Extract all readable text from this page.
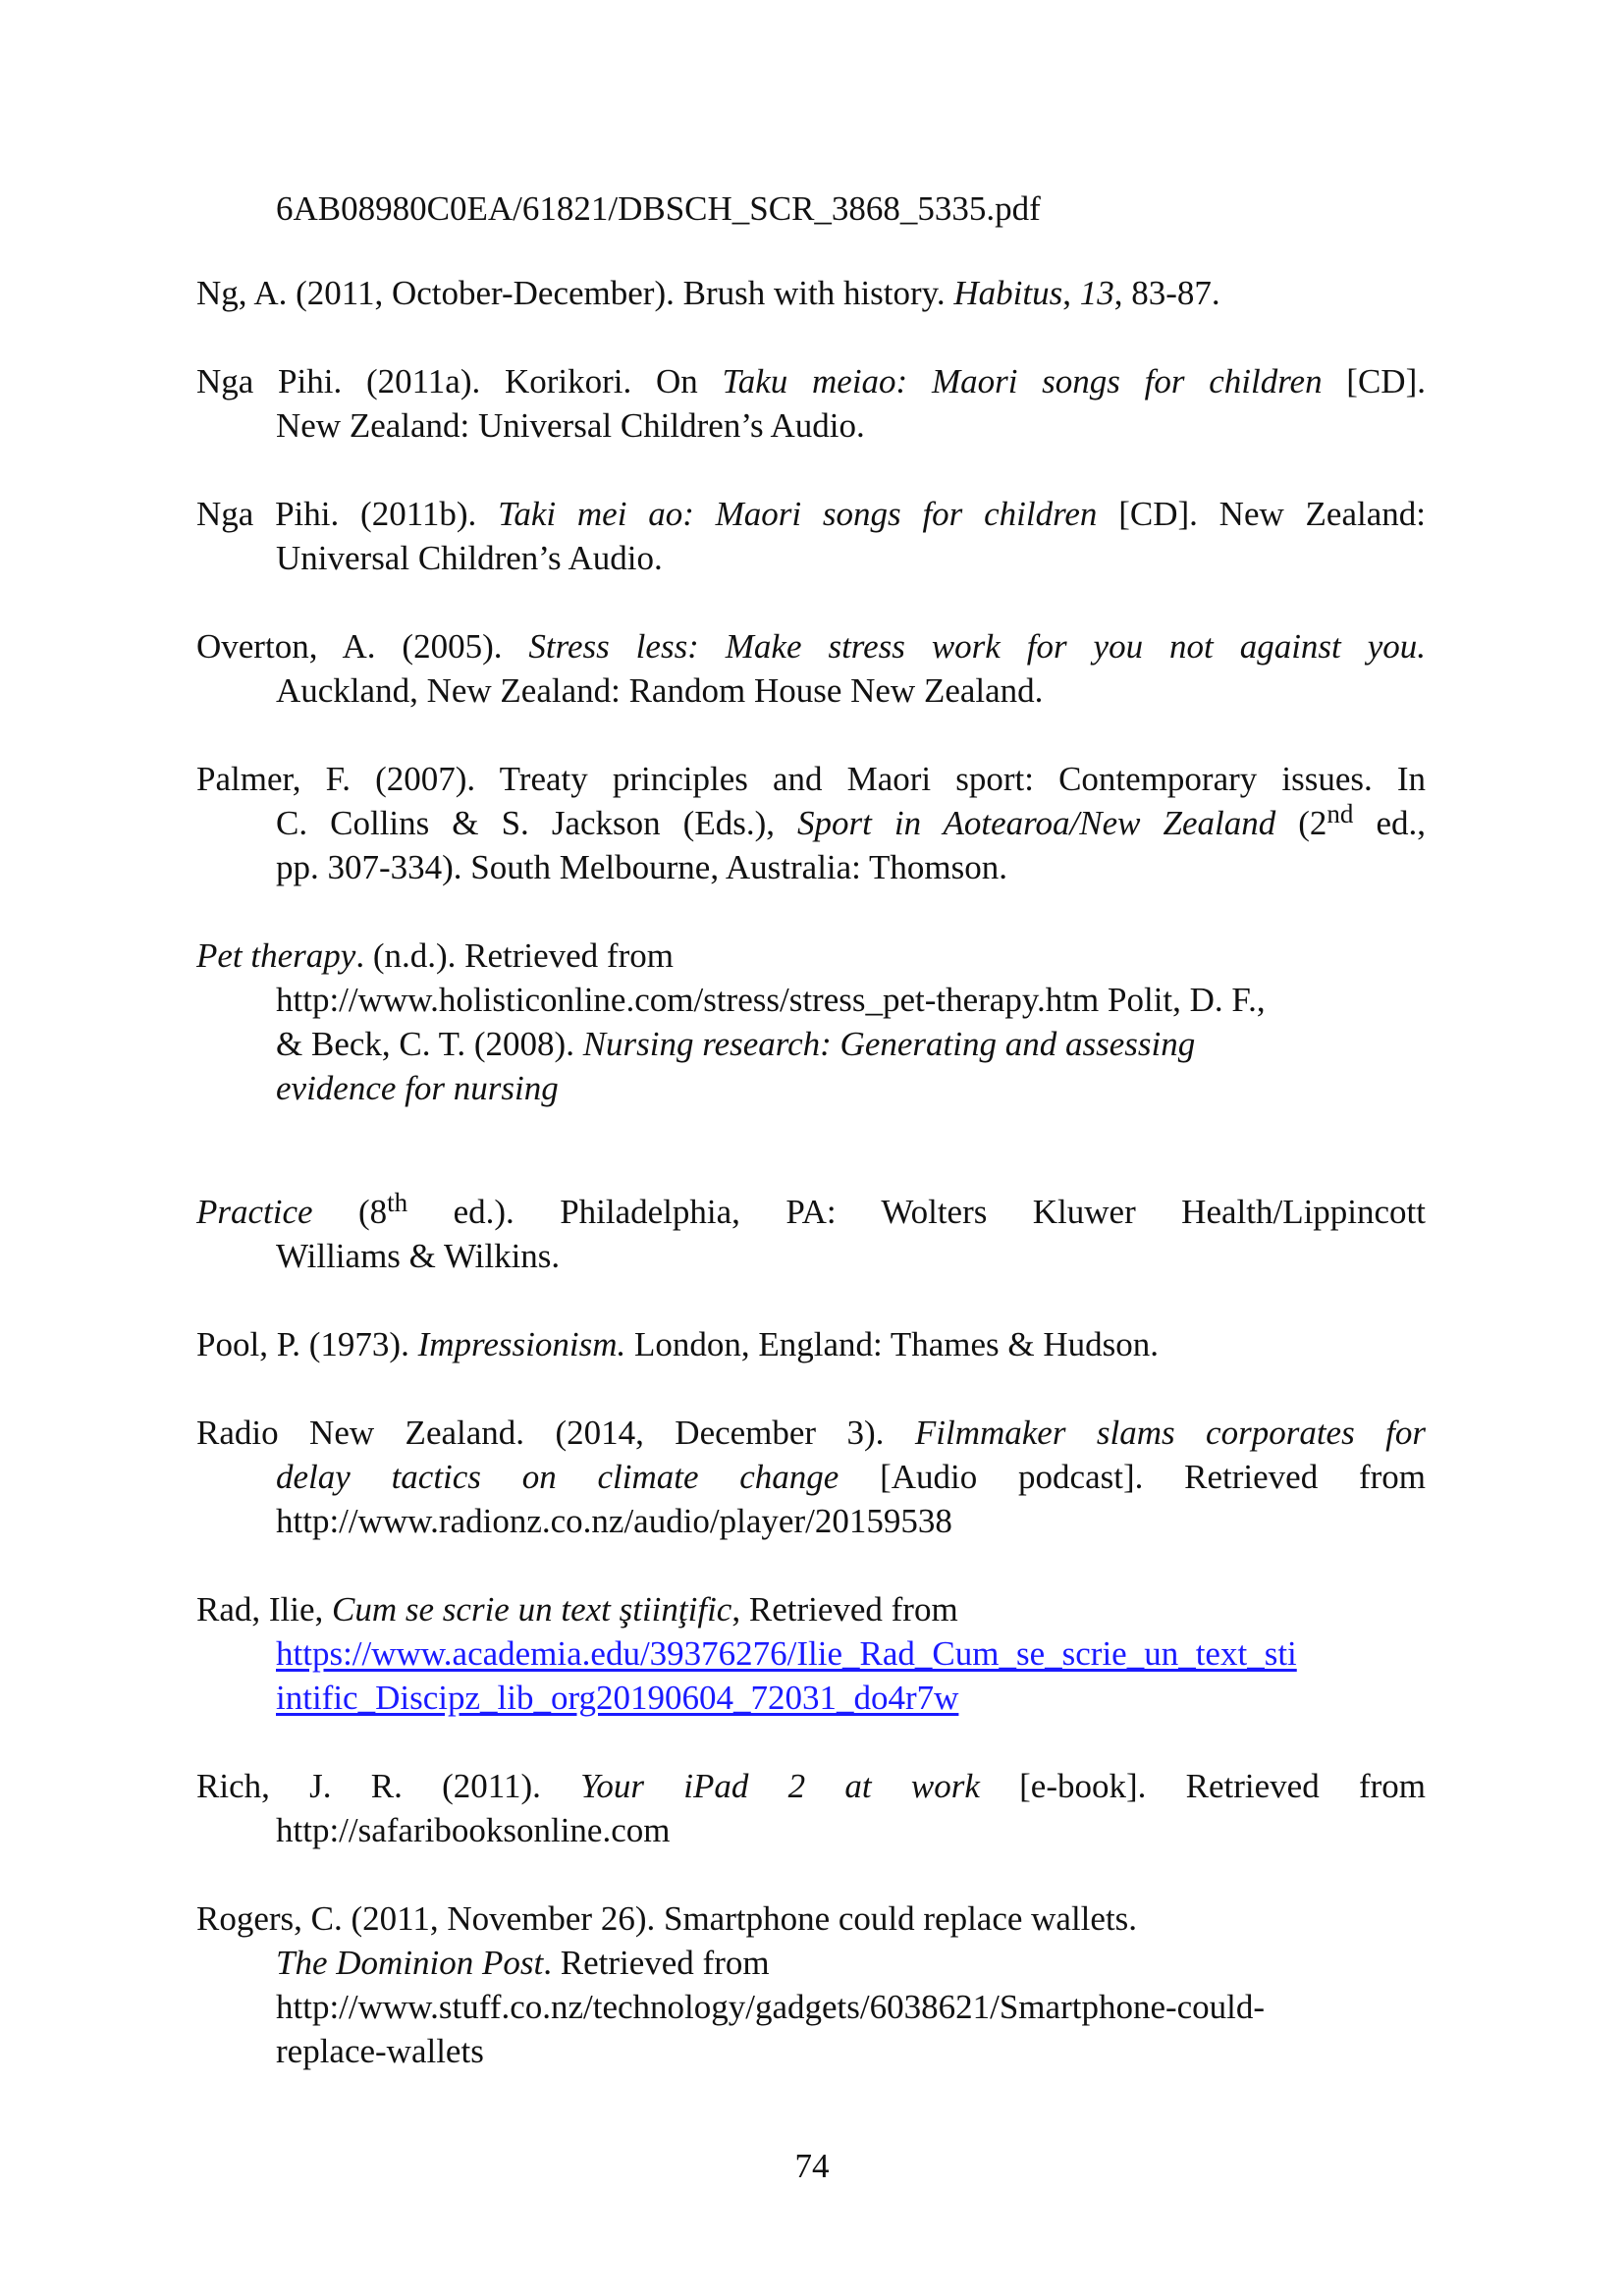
6AB08980C0EA/61821/DBSCH_SCR_3868_5335.pdf
Ng, A. (2011, October-December). Brush with history. Habitus, 13, 83-87.
Nga Pihi. (2011a). Korikori. On Taku meiao: Maori songs for children [CD].
New Zealand: Universal Children’s Audio.
Nga Pihi. (2011b). Taki mei ao: Maori songs for children [CD]. New Zealand:
Universal Children’s Audio.
Overton, A. (2005). Stress less: Make stress work for you not against you.
Auckland, New Zealand: Random House New Zealand.
Palmer, F. (2007). Treaty principles and Maori sport: Contemporary issues. In
C. Collins & S. Jackson (Eds.), Sport in Aotearoa/New Zealand (2nd ed.,
pp. 307-334). South Melbourne, Australia: Thomson.
Pet therapy. (n.d.). Retrieved from
http://www.holisticonline.com/stress/stress_pet-therapy.htm Polit, D. F.,
& Beck, C. T. (2008). Nursing research: Generating and assessing
evidence for nursing
Practice (8th ed.). Philadelphia, PA: Wolters Kluwer Health/Lippincott
Williams & Wilkins.
Pool, P. (1973). Impressionism. London, England: Thames & Hudson.
Radio New Zealand. (2014, December 3). Filmmaker slams corporates for
delay tactics on climate change [Audio podcast]. Retrieved from
http://www.radionz.co.nz/audio/player/20159538
Rad, Ilie, Cum se scrie un text ştiinţific, Retrieved from
https://www.academia.edu/39376276/Ilie_Rad_Cum_se_scrie_un_text_sti
intific_Discipz_lib_org20190604_72031_do4r7w
Rich, J. R. (2011). Your iPad 2 at work [e-book]. Retrieved from
http://safaribooksonline.com
Rogers, C. (2011, November 26). Smartphone could replace wallets.
The Dominion Post. Retrieved from
http://www.stuff.co.nz/technology/gadgets/6038621/Smartphone-could-
replace-wallets
74
